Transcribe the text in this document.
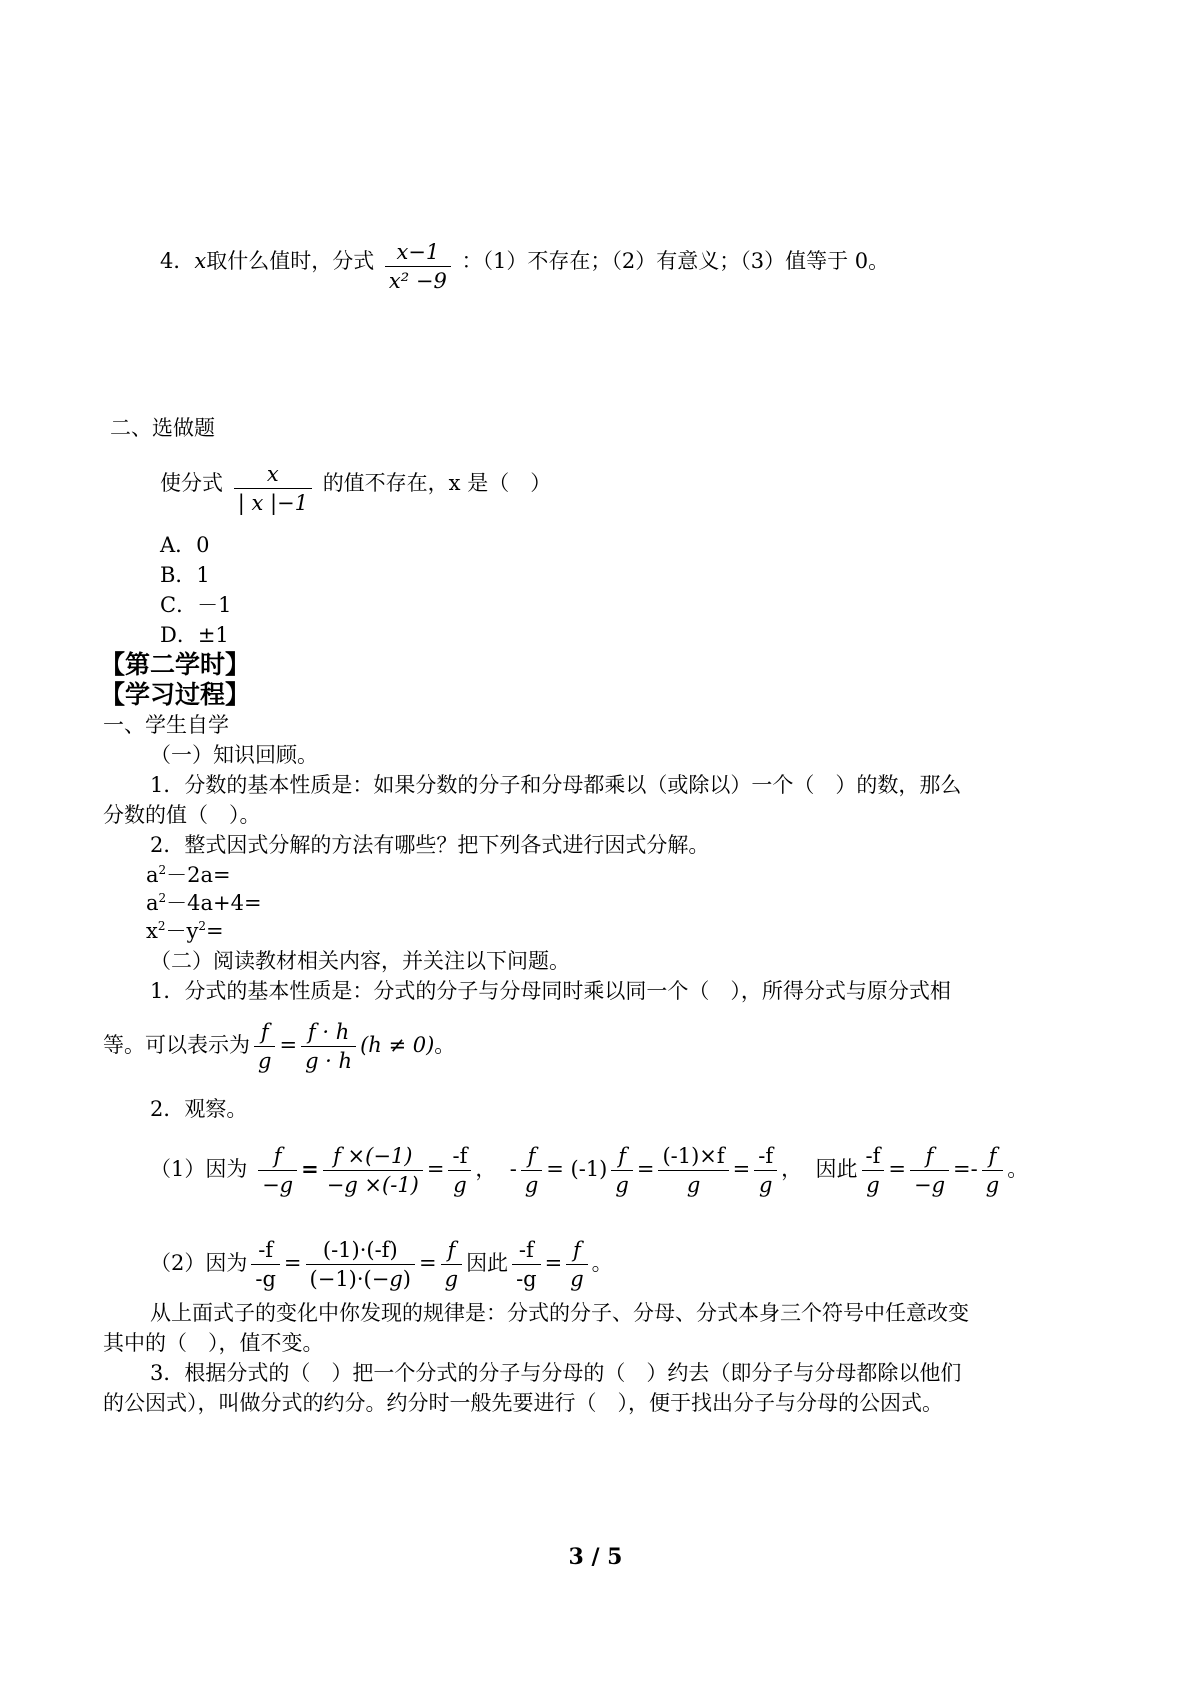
4．x取什么值时，分式 $\frac{x-1}{\text{x² −9}}$ ：（1）不存在；（2）有意义；（3）值等于 0。
二、选做题
使分式 $\frac{x}{| x |-1}$ 的值不存在，x 是（　）
A．0
B．1
C．－1
D．±1
【第二学时】
【学习过程】
一、学生自学
（一）知识回顾。
1．分数的基本性质是：如果分数的分子和分母都乘以（或除以）一个（　）的数，那么
分数的值（　）。
2．整式因式分解的方法有哪些？把下列各式进行因式分解。
$a^2-2a=$
$a^2-4a+4=$
$x^2-y^2=$
（二）阅读教材相关内容，并关注以下问题。
1．分式的基本性质是：分式的分子与分母同时乘以同一个（　），所得分式与原分式相
等。可以表示为 $\frac{f}{g} = \frac{f \cdot h}{g \cdot h} (h \ne 0)$。
2．观察。
（1）因为 $\frac{f}{-g} = \frac{f \times(-1)}{-g \times(-1)} = \frac{-f}{g}$ ，  - $\frac{f}{g} = (-1) \frac{f}{g} = \frac{(-1)\times f}{g} = \frac{-f}{g}$ ，  因此 $\frac{-f}{g} = \frac{f}{-g} =- \frac{f}{g}$ 。
（2）因为 $\frac{-f}{-g} = \frac{(-1)\cdot(-f)}{(-1)\cdot(-g)} = \frac{f}{g}$ 因此 $\frac{-f}{-g} = \frac{f}{g}$ 。
从上面式子的变化中你发现的规律是：分式的分子、分母、分式本身三个符号中任意改变
其中的（　），值不变。
3．根据分式的（　）把一个分式的分子与分母的（　）约去（即分子与分母都除以他们
的公因式），叫做分式的约分。约分时一般先要进行（　），便于找出分子与分母的公因式。
3 / 5
